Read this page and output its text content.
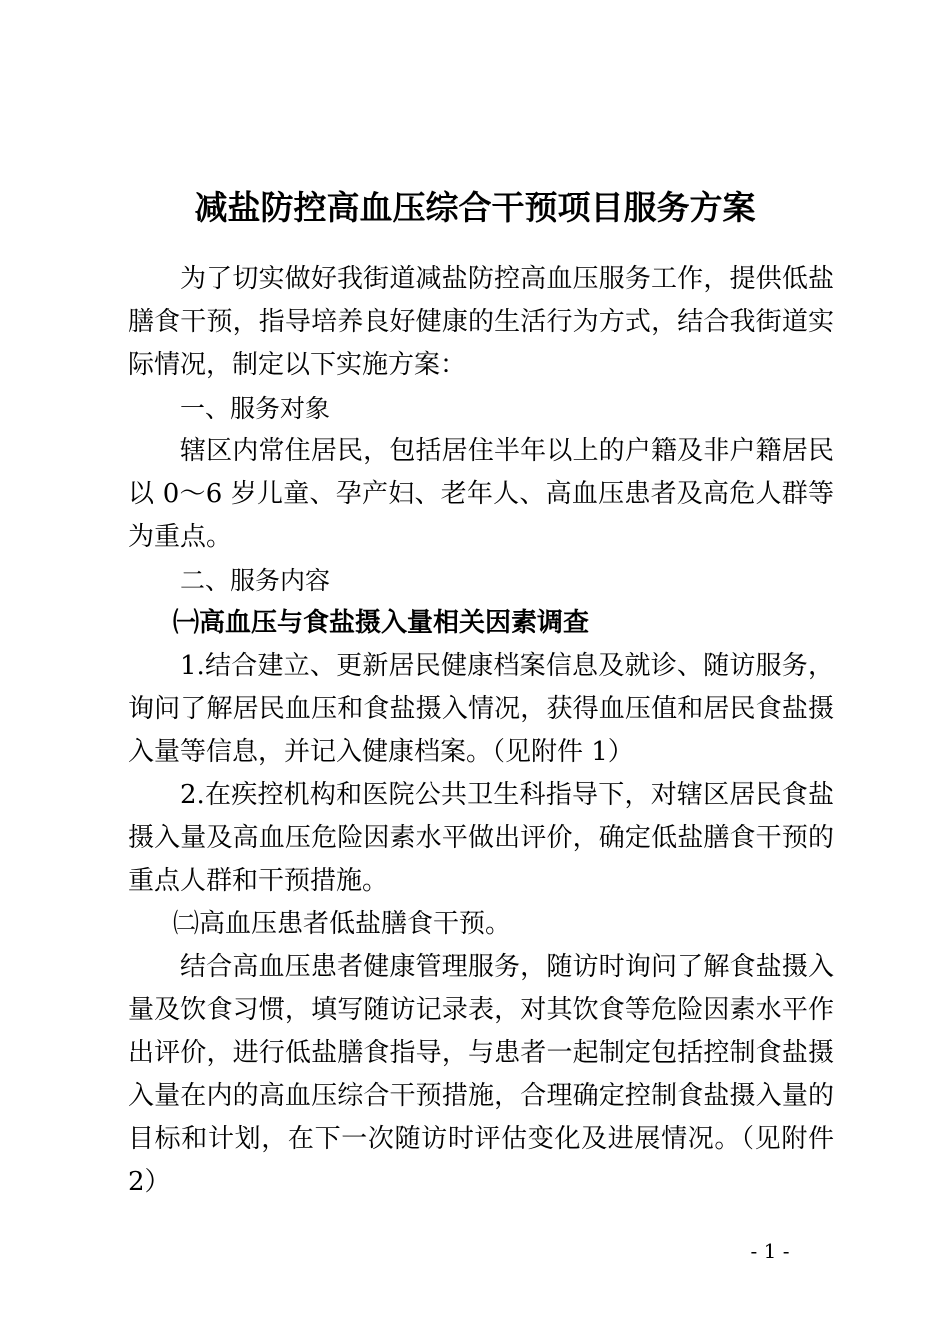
减盐防控高血压综合干预项目服务方案

为了切实做好我街道减盐防控高血压服务工作，提供低盐膳食干预，指导培养良好健康的生活行为方式，结合我街道实际情况，制定以下实施方案：

一、服务对象

辖区内常住居民，包括居住半年以上的户籍及非户籍居民以 0～6 岁儿童、孕产妇、老年人、高血压患者及高危人群等为重点。

二、服务内容

㈠高血压与食盐摄入量相关因素调查

1.结合建立、更新居民健康档案信息及就诊、随访服务，询问了解居民血压和食盐摄入情况，获得血压值和居民食盐摄入量等信息，并记入健康档案。（见附件 1）

2.在疾控机构和医院公共卫生科指导下，对辖区居民食盐摄入量及高血压危险因素水平做出评价，确定低盐膳食干预的重点人群和干预措施。

㈡高血压患者低盐膳食干预。

结合高血压患者健康管理服务，随访时询问了解食盐摄入量及饮食习惯，填写随访记录表，对其饮食等危险因素水平作出评价，进行低盐膳食指导，与患者一起制定包括控制食盐摄入量在内的高血压综合干预措施，合理确定控制食盐摄入量的目标和计划，在下一次随访时评估变化及进展情况。（见附件 2）

- 1 -
